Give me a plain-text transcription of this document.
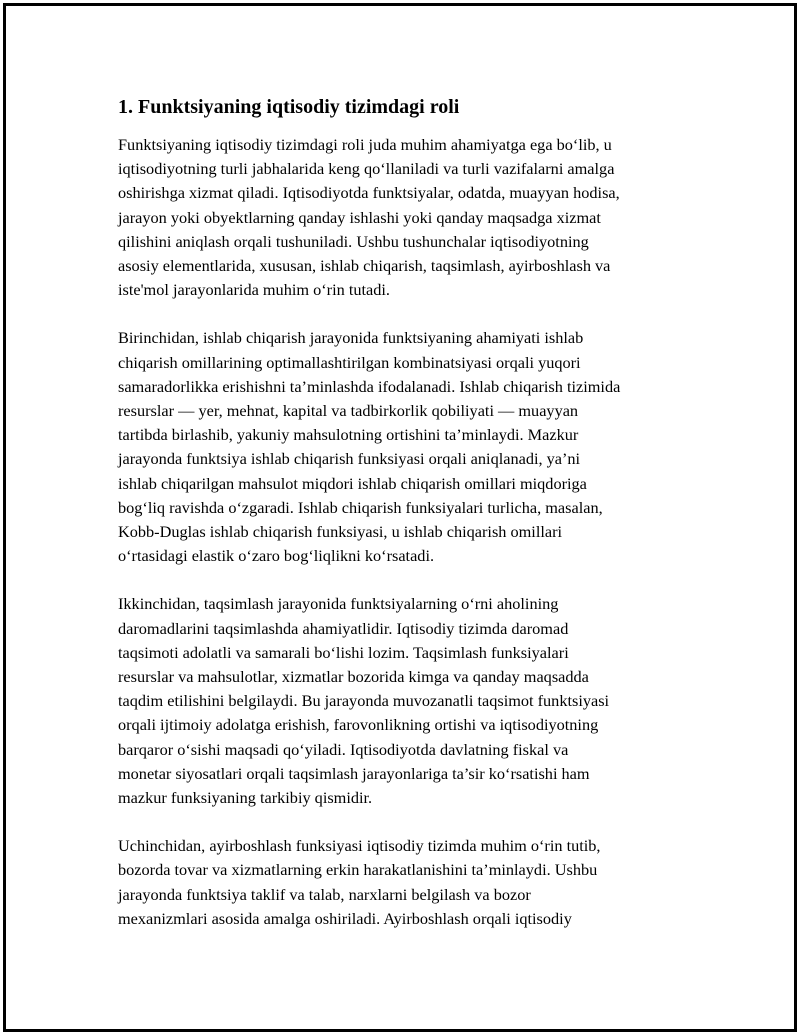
1. Funktsiyaning iqtisodiy tizimdagi roli

Funktsiyaning iqtisodiy tizimdagi roli juda muhim ahamiyatga ega bo‘lib, u
iqtisodiyotning turli jabhalarida keng qo‘llaniladi va turli vazifalarni amalga
oshirishga xizmat qiladi. Iqtisodiyotda funktsiyalar, odatda, muayyan hodisa,
jarayon yoki obyektlarning qanday ishlashi yoki qanday maqsadga xizmat
qilishini aniqlash orqali tushuniladi. Ushbu tushunchalar iqtisodiyotning
asosiy elementlarida, xususan, ishlab chiqarish, taqsimlash, ayirboshlash va
iste'mol jarayonlarida muhim o‘rin tutadi.

Birinchidan, ishlab chiqarish jarayonida funktsiyaning ahamiyati ishlab
chiqarish omillarining optimallashtirilgan kombinatsiyasi orqali yuqori
samaradorlikka erishishni ta’minlashda ifodalanadi. Ishlab chiqarish tizimida
resurslar — yer, mehnat, kapital va tadbirkorlik qobiliyati — muayyan
tartibda birlashib, yakuniy mahsulotning ortishini ta’minlaydi. Mazkur
jarayonda funktsiya ishlab chiqarish funksiyasi orqali aniqlanadi, ya’ni
ishlab chiqarilgan mahsulot miqdori ishlab chiqarish omillari miqdoriga
bog‘liq ravishda o‘zgaradi. Ishlab chiqarish funksiyalari turlicha, masalan,
Kobb-Duglas ishlab chiqarish funksiyasi, u ishlab chiqarish omillari
o‘rtasidagi elastik o‘zaro bog‘liqlikni ko‘rsatadi.

Ikkinchidan, taqsimlash jarayonida funktsiyalarning o‘rni aholining
daromadlarini taqsimlashda ahamiyatlidir. Iqtisodiy tizimda daromad
taqsimoti adolatli va samarali bo‘lishi lozim. Taqsimlash funksiyalari
resurslar va mahsulotlar, xizmatlar bozorida kimga va qanday maqsadda
taqdim etilishini belgilaydi. Bu jarayonda muvozanatli taqsimot funktsiyasi
orqali ijtimoiy adolatga erishish, farovonlikning ortishi va iqtisodiyotning
barqaror o‘sishi maqsadi qo‘yiladi. Iqtisodiyotda davlatning fiskal va
monetar siyosatlari orqali taqsimlash jarayonlariga ta’sir ko‘rsatishi ham
mazkur funksiyaning tarkibiy qismidir.

Uchinchidan, ayirboshlash funksiyasi iqtisodiy tizimda muhim o‘rin tutib,
bozorda tovar va xizmatlarning erkin harakatlanishini ta’minlaydi. Ushbu
jarayonda funktsiya taklif va talab, narxlarni belgilash va bozor
mexanizmlari asosida amalga oshiriladi. Ayirboshlash orqali iqtisodiy
